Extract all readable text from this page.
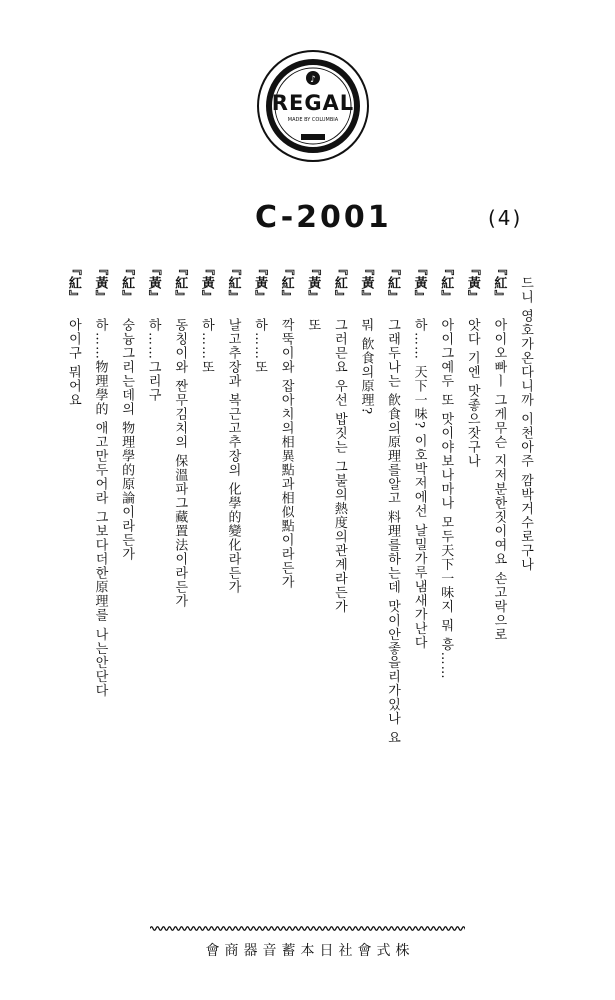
♪
REGAL
MADE BY COLUMBIA
C-2001	(4)
드니 영호가온다니까 이천아주 깜박거수로구나
『紅』아이오빠ㅣ 그게무슨 지저분한짓이여요 손고락으로
『黃』앗다 기엔 맛좋으잣구나
『紅』아이그예두 또 맛이야보나마나 모두天下一味지 뭐 흥……
『黃』하…… 天下一味? 이호박저에선 날밀가루냄새가난다
『紅』그래두나는 飮食의原理를알고 料理를하는데 맛이안좋을리가있나 요
『黃』뭐 飮食의原理?
『紅』그러믄요 우선 밥짓는 그불의熱度의관계라든가
『黃』또
『紅』깍뚝이와 잡아치의相異點과相似點이라든가
『黃』하……또
『紅』날고추장과 복근고추장의 化學的變化라든가
『黃』하……또
『紅』동칭이와 짠무김치의 保溫파그藏置法이라든가
『黃』하……그리구
『紅』숭늉그리는데의 物理學的原論이라든가
『黃』하……物理學的 애고만두어라 그보다더한原理를 나는안단다
『紅』아이구 뭐어요
株式會社日本蓄音器商會
